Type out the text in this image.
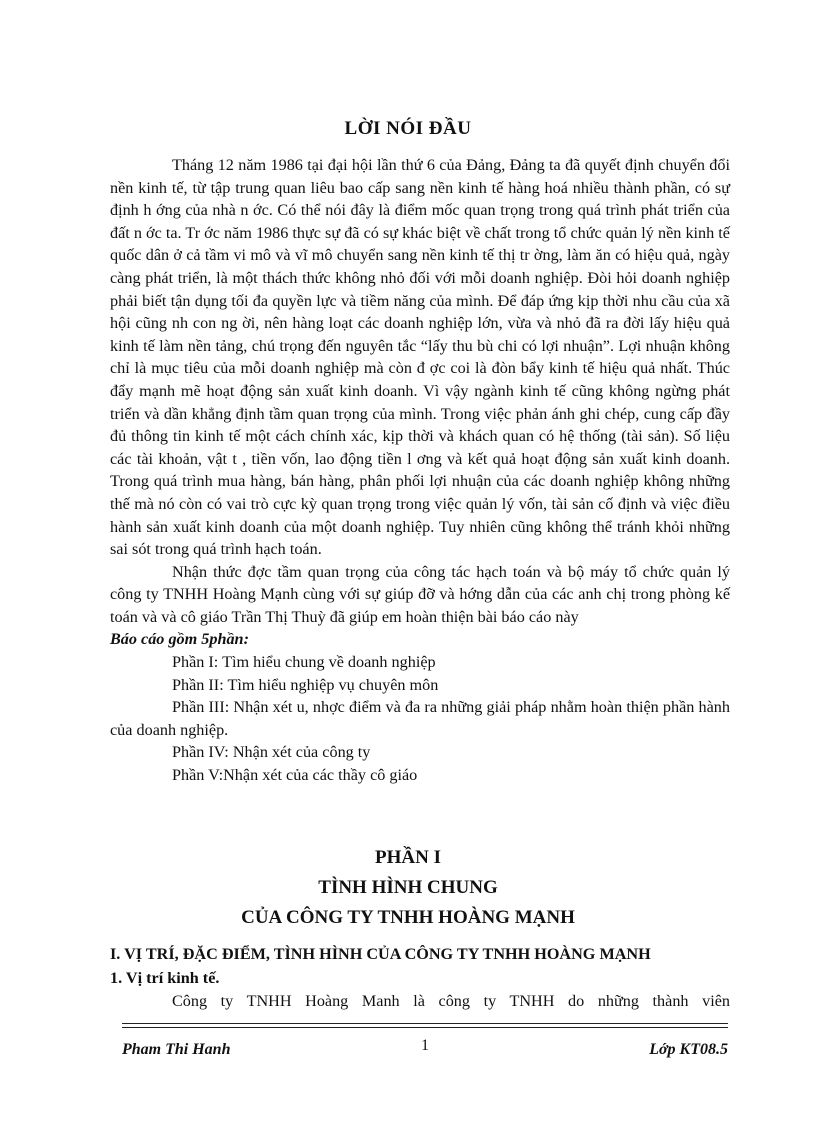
LỜI NÓI ĐẦU

Tháng 12 năm 1986 tại đại hội lần thứ 6 của Đảng, Đảng ta đã quyết định chuyển đổi nền kinh tế, từ tập trung quan liêu bao cấp sang nền kinh tế hàng hoá nhiều thành phần, có sự định h ớng của nhà n ớc. Có thể nói đây là điểm mốc quan trọng trong quá trình phát triển của đất n ớc ta. Tr ớc năm 1986 thực sự đã có sự khác biệt về chất trong tổ chức quản lý nền kinh tế quốc dân ở cả tầm vi mô và vĩ mô chuyển sang nền kinh tế thị tr ờng, làm ăn có hiệu quả, ngày càng phát triển, là một thách thức không nhỏ đối với mỗi doanh nghiệp. Đòi hỏi doanh nghiệp phải biết tận dụng tối đa quyền lực và tiềm năng của mình. Để đáp ứng kịp thời nhu cầu của xã hội cũng nh con ng ời, nên hàng loạt các doanh nghiệp lớn, vừa và nhỏ đã ra đời lấy hiệu quả kinh tế làm nền tảng, chú trọng đến nguyên tắc “lấy thu bù chi có lợi nhuận”. Lợi nhuận không chỉ là mục tiêu của mỗi doanh nghiệp mà còn đ ợc coi là đòn bẩy kinh tế hiệu quả nhất. Thúc đẩy mạnh mẽ hoạt động sản xuất kinh doanh. Vì vậy ngành kinh tế cũng không ngừng phát triển và dần khẳng định tầm quan trọng của mình. Trong việc phản ánh ghi chép, cung cấp đầy đủ thông tin kinh tế một cách chính xác, kịp thời và khách quan có hệ thống (tài sản). Số liệu các tài khoản, vật t , tiền vốn, lao động tiền l ơng và kết quả hoạt động sản xuất kinh doanh. Trong quá trình mua hàng, bán hàng, phân phối lợi nhuận của các doanh nghiệp không những thế mà nó còn có vai trò cực kỳ quan trọng trong việc quản lý vốn, tài sản cố định và việc điều hành sản xuất kinh doanh của một doanh nghiệp. Tuy nhiên cũng không thể tránh khỏi những sai sót trong quá trình hạch toán.

Nhận thức đợc tầm quan trọng của công tác hạch toán và bộ máy tổ chức quản lý công ty TNHH Hoàng Mạnh cùng với sự giúp đỡ và hớng dẫn của các anh chị trong phòng kế toán và và cô giáo Trần Thị Thuỳ đã giúp em hoàn thiện bài báo cáo này

Báo cáo gồm 5phần:
Phần I: Tìm hiểu chung về doanh nghiệp
Phần II: Tìm hiểu nghiệp vụ chuyên môn
Phần III: Nhận xét u, nhợc điểm và đa ra những giải pháp nhằm hoàn thiện phần hành của doanh nghiệp.
Phần IV: Nhận xét của công ty
Phần V:Nhận xét của các thầy cô giáo
PHẦN I
TÌNH HÌNH CHUNG
CỦA CÔNG TY TNHH HOÀNG MẠNH
I. VỊ TRÍ, ĐẶC ĐIỂM, TÌNH HÌNH CỦA CÔNG TY TNHH HOÀNG MẠNH
1. Vị trí kinh tế.
Công ty TNHH Hoàng Manh là công ty TNHH do những thành viên
Pham Thi Hanh	1	Lớp KT08.5
